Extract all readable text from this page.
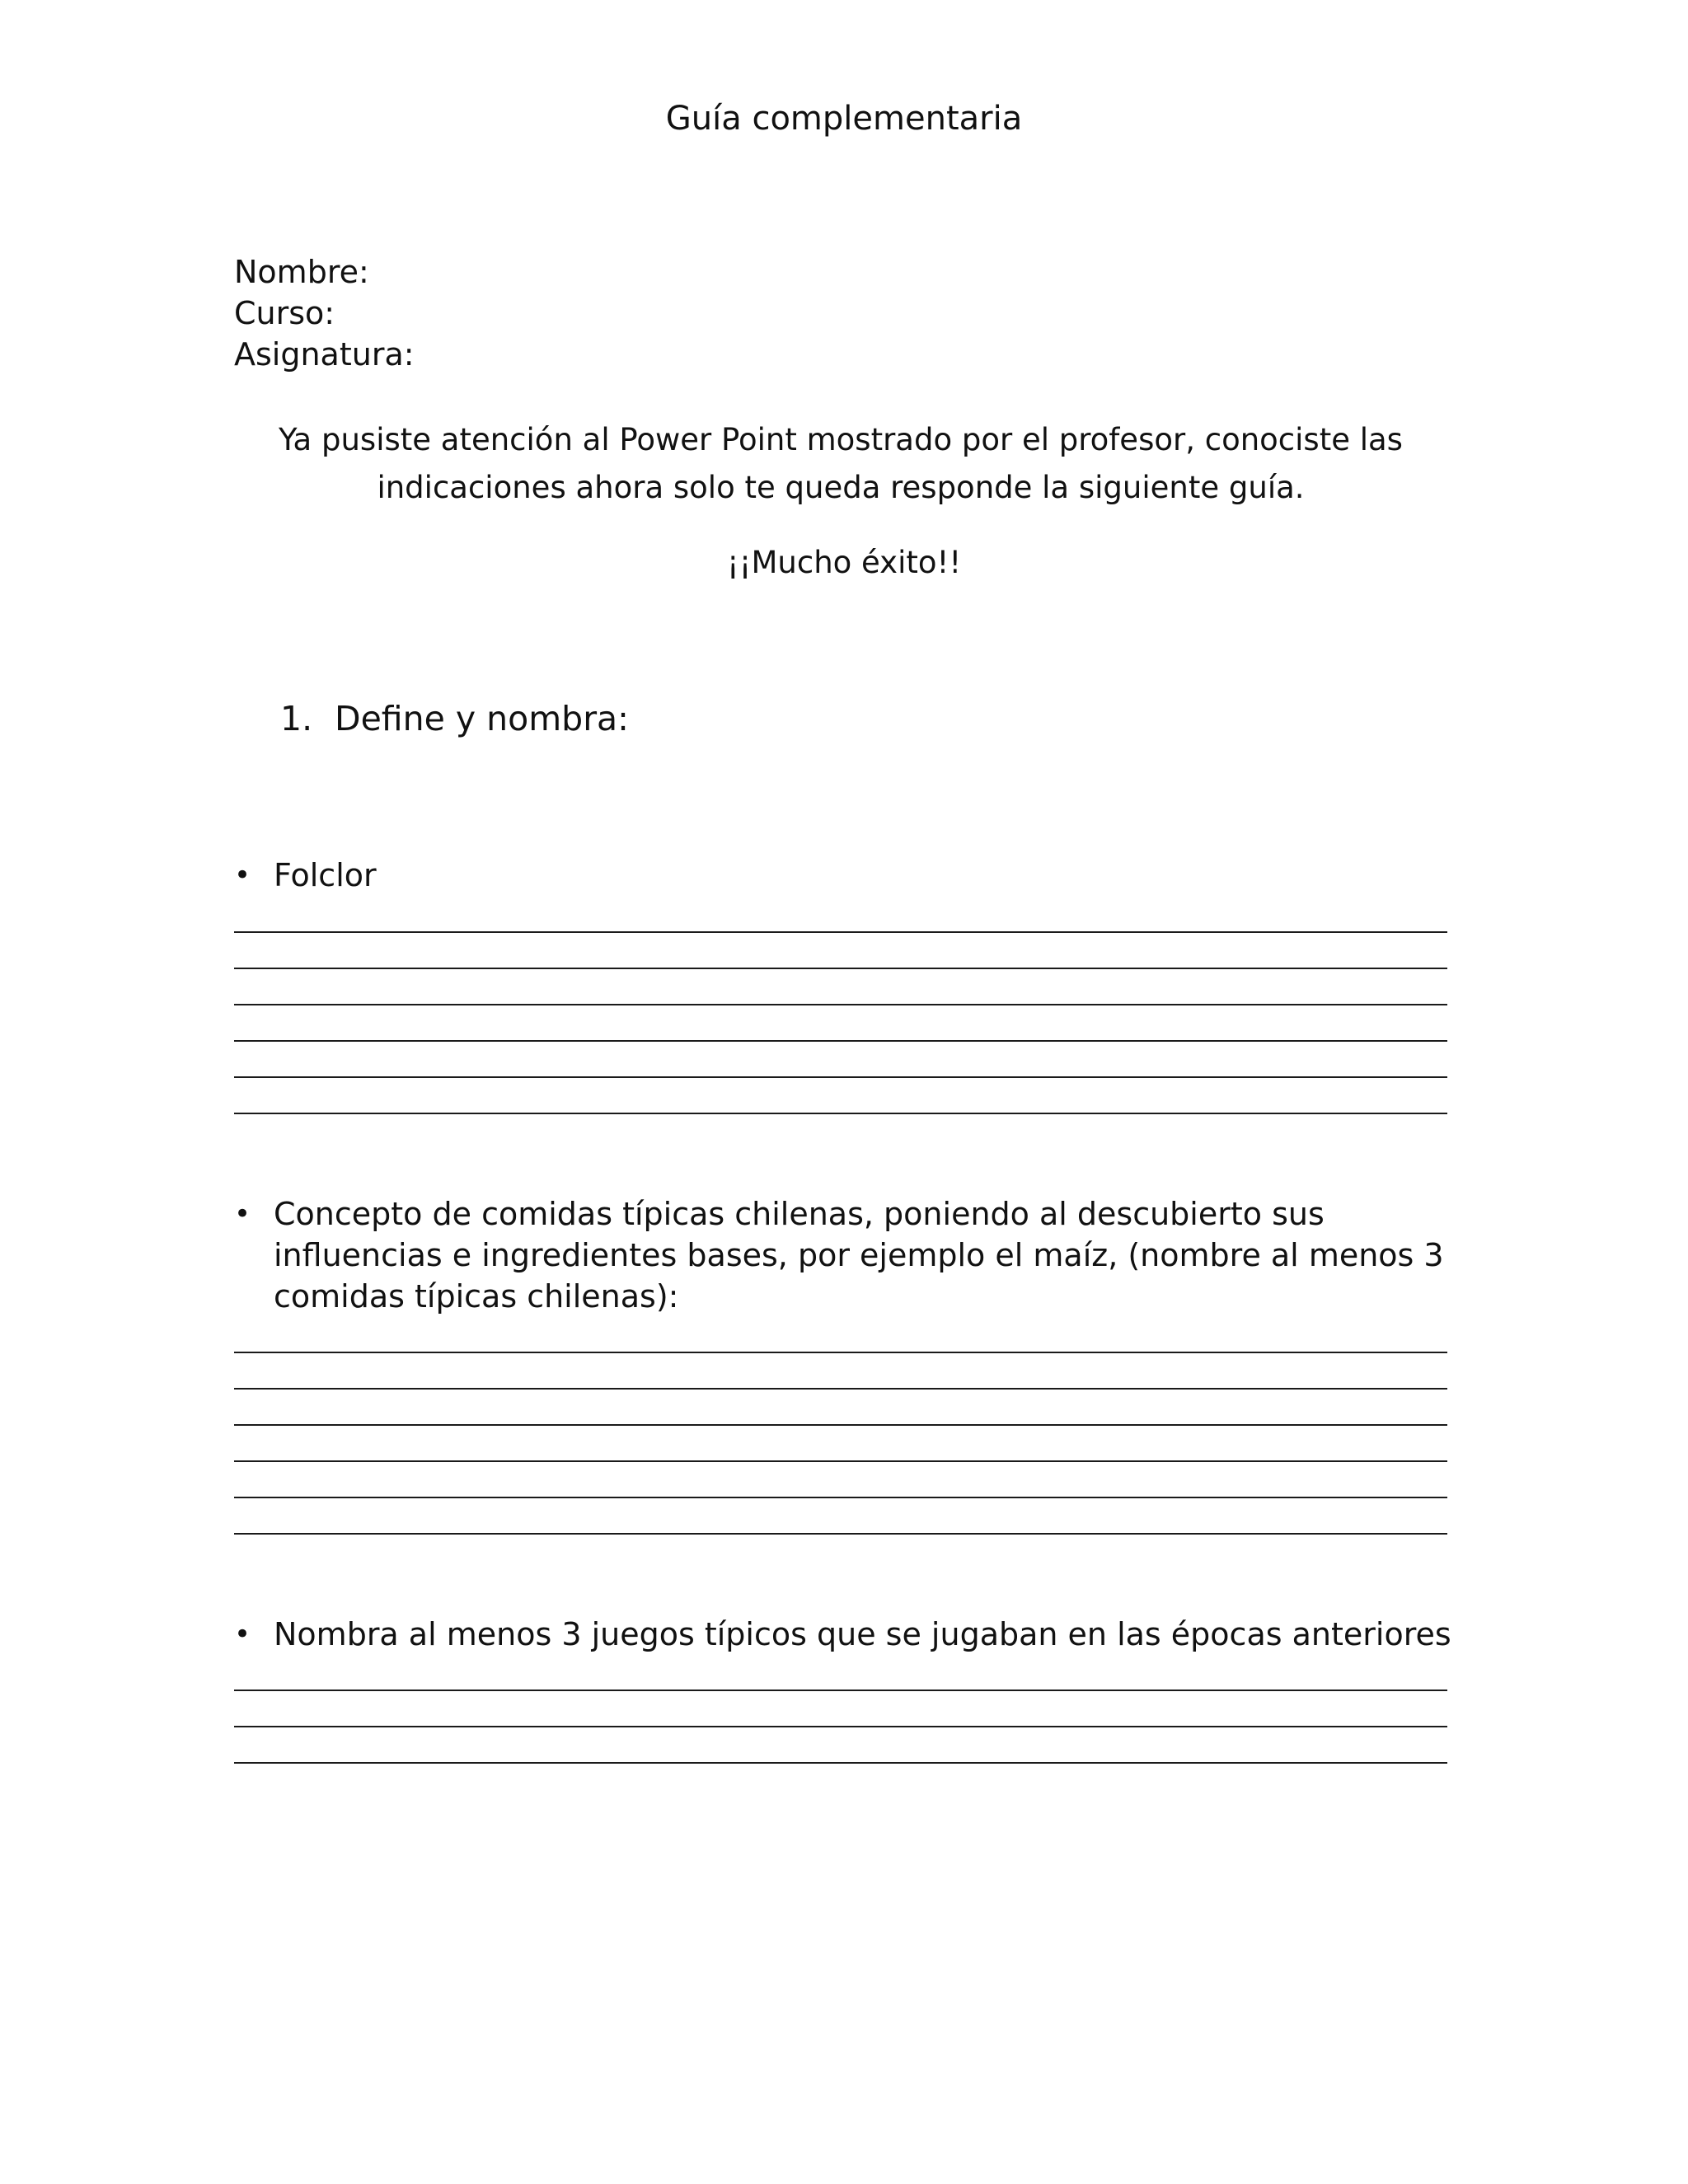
Guía complementaria
Nombre:
Curso:
Asignatura:
Ya pusiste atención al Power Point mostrado por el profesor, conociste las indicaciones ahora solo te queda responde la siguiente guía.
¡¡Mucho éxito!!
1. Define y nombra:
• Folclor
• Concepto de comidas típicas chilenas, poniendo al descubierto sus influencias e ingredientes bases, por ejemplo el maíz, (nombre al menos 3 comidas típicas chilenas):
• Nombra al menos 3 juegos típicos que se jugaban en las épocas anteriores
